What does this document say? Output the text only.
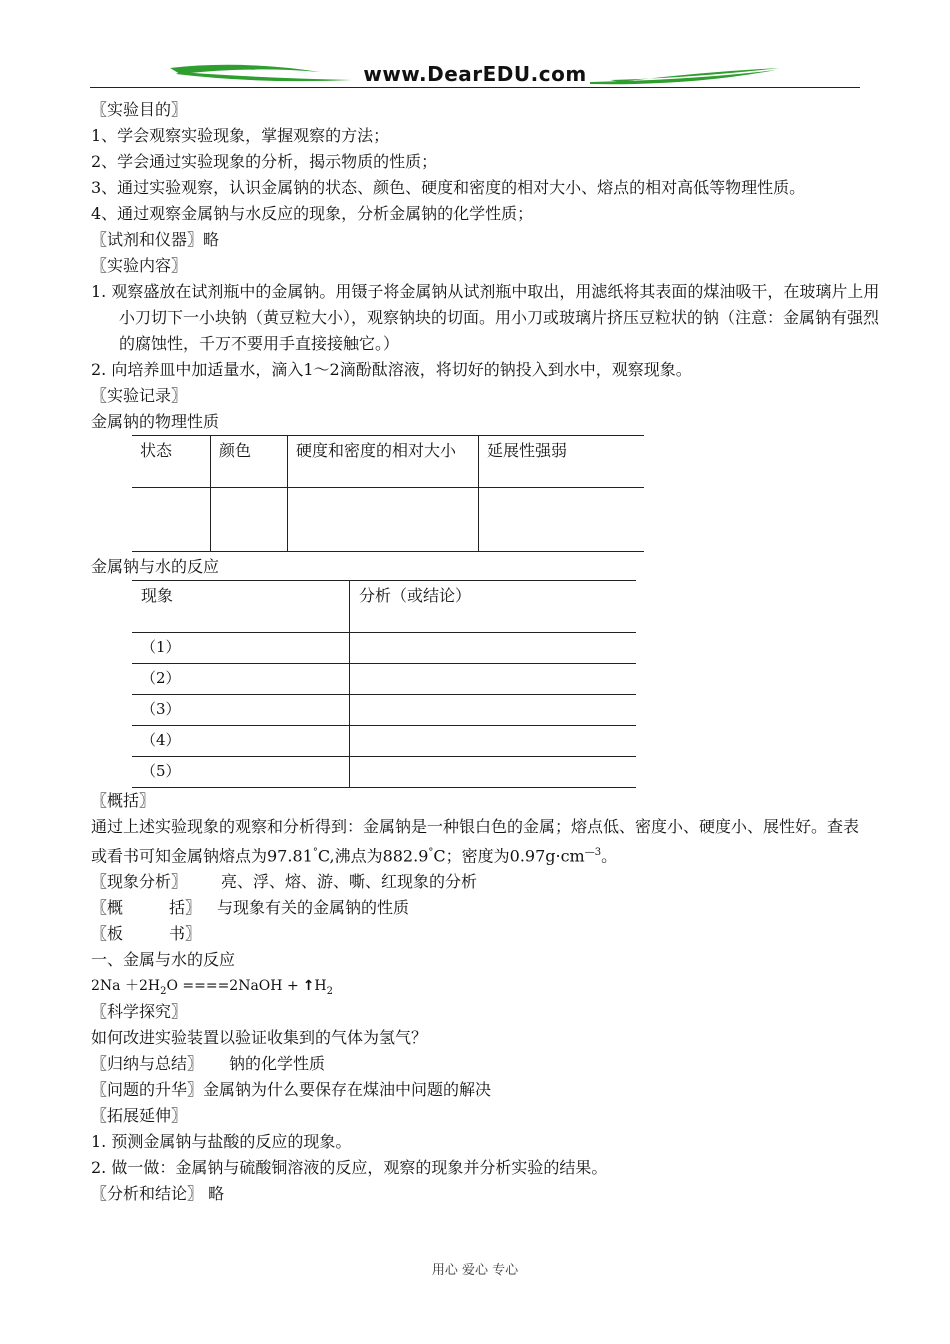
www.DearEDU.com
〖实验目的〗
1、学会观察实验现象，掌握观察的方法；
2、学会通过实验现象的分析，揭示物质的性质；
3、通过实验观察，认识金属钠的状态、颜色、硬度和密度的相对大小、熔点的相对高低等物理性质。
4、通过观察金属钠与水反应的现象，分析金属钠的化学性质；
〖试剂和仪器〗略
〖实验内容〗
1. 观察盛放在试剂瓶中的金属钠。用镊子将金属钠从试剂瓶中取出，用滤纸将其表面的煤油吸干，在玻璃片上用小刀切下一小块钠（黄豆粒大小），观察钠块的切面。用小刀或玻璃片挤压豆粒状的钠（注意：金属钠有强烈的腐蚀性，千万不要用手直接接触它。）
2. 向培养皿中加适量水，滴入1～2滴酚酞溶液，将切好的钠投入到水中，观察现象。
〖实验记录〗
金属钠的物理性质
状态	颜色	硬度和密度的相对大小	延展性强弱

金属钠与水的反应
现象	分析（或结论）
（1）	
（2）	
（3）	
（4）	
（5）	
〖概括〗
通过上述实验现象的观察和分析得到：金属钠是一种银白色的金属；熔点低、密度小、硬度小、展性好。查表或看书可知金属钠熔点为97.81°C,沸点为882.9°C；密度为$0.97g\cdot cm^{—3}$。
〖现象分析〗 亮、浮、熔、游、嘶、红现象的分析
〖概	括〗 与现象有关的金属钠的性质
〖板	书〗
一、金属与水的反应
$2Na +2H_2O$ ====2NaOH + $↑H_2$
〖科学探究〗
如何改进实验装置以验证收集到的气体为氢气？
〖归纳与总结〗 钠的化学性质
〖问题的升华〗金属钠为什么要保存在煤油中问题的解决
〖拓展延伸〗
1. 预测金属钠与盐酸的反应的现象。
2. 做一做：金属钠与硫酸铜溶液的反应，观察的现象并分析实验的结果。
〖分析和结论〗 略
用心 爱心 专心
